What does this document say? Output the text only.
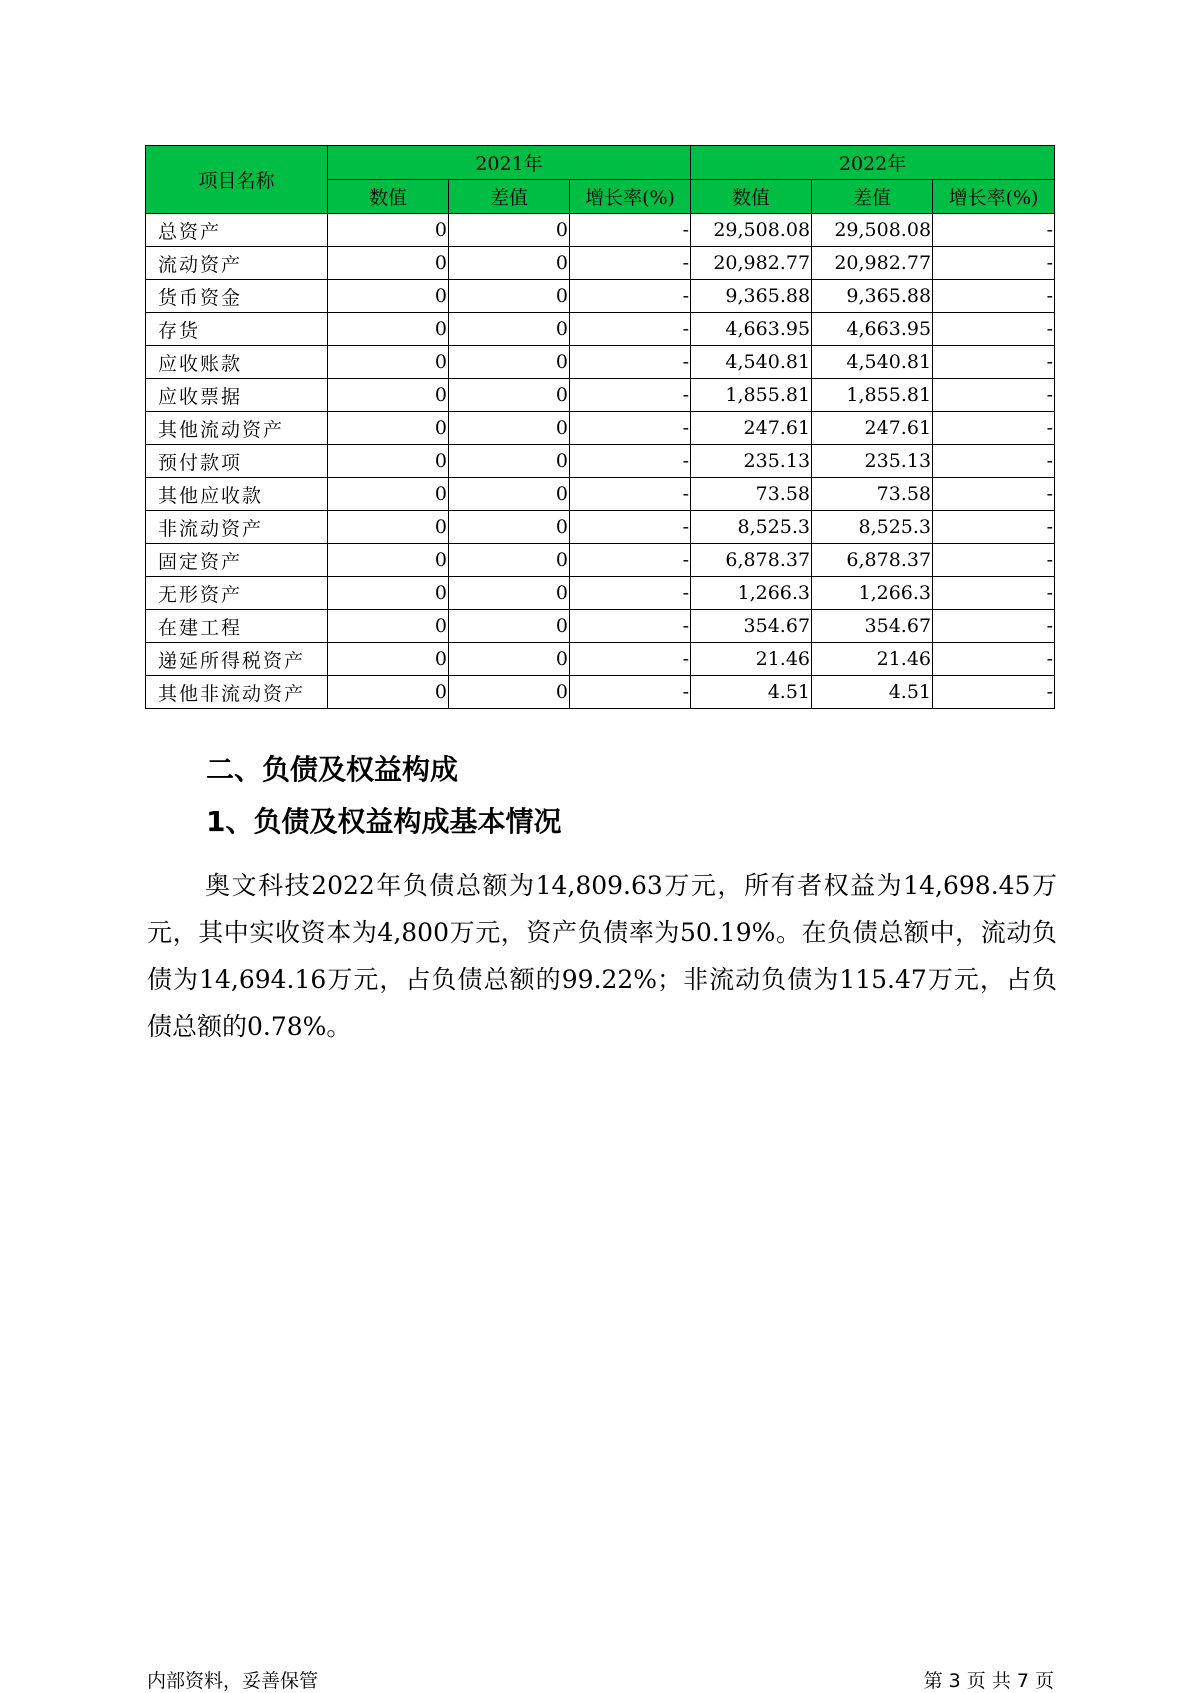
项目名称	2021年			2022年		
	数值	差值	增长率(%)	数值	差值	增长率(%)
总资产	0	0	-	29,508.08	29,508.08	-
流动资产	0	0	-	20,982.77	20,982.77	-
货币资金	0	0	-	9,365.88	9,365.88	-
存货	0	0	-	4,663.95	4,663.95	-
应收账款	0	0	-	4,540.81	4,540.81	-
应收票据	0	0	-	1,855.81	1,855.81	-
其他流动资产	0	0	-	247.61	247.61	-
预付款项	0	0	-	235.13	235.13	-
其他应收款	0	0	-	73.58	73.58	-
非流动资产	0	0	-	8,525.3	8,525.3	-
固定资产	0	0	-	6,878.37	6,878.37	-
无形资产	0	0	-	1,266.3	1,266.3	-
在建工程	0	0	-	354.67	354.67	-
递延所得税资产	0	0	-	21.46	21.46	-
其他非流动资产	0	0	-	4.51	4.51	-
二、负债及权益构成
1、负债及权益构成基本情况

奥文科技2022年负债总额为14,809.63万元，所有者权益为14,698.45万元，其中实收资本为4,800万元，资产负债率为50.19%。在负债总额中，流动负债为14,694.16万元，占负债总额的99.22%；非流动负债为115.47万元，占负债总额的0.78%。

内部资料，妥善保管	第 3 页 共 7 页
